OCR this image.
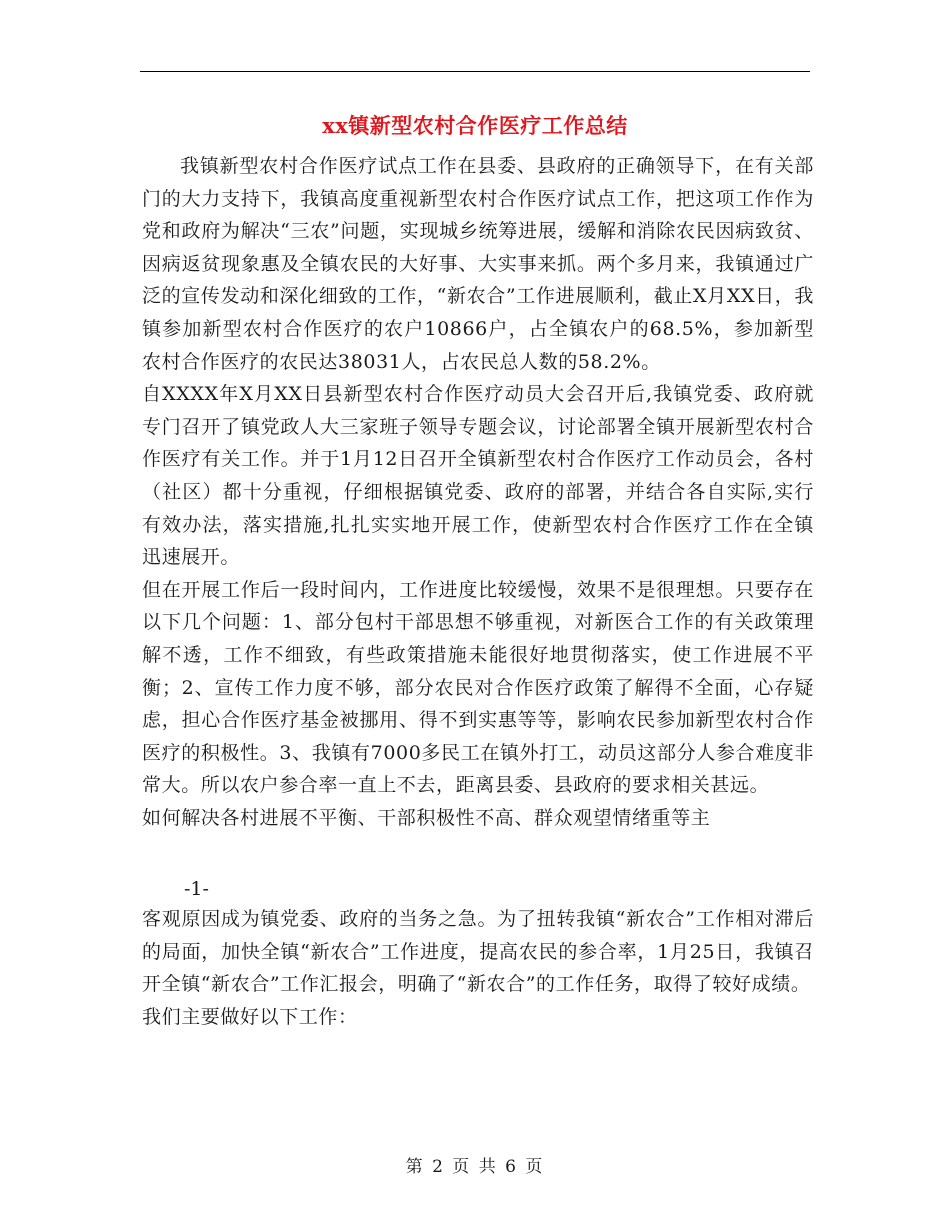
xx镇新型农村合作医疗工作总结

我镇新型农村合作医疗试点工作在县委、县政府的正确领导下，在有关部门的大力支持下，我镇高度重视新型农村合作医疗试点工作，把这项工作作为党和政府为解决“三农”问题，实现城乡统筹进展，缓解和消除农民因病致贫、因病返贫现象惠及全镇农民的大好事、大实事来抓。两个多月来，我镇通过广泛的宣传发动和深化细致的工作，“新农合”工作进展顺利，截止X月XX日，我镇参加新型农村合作医疗的农户10866户，占全镇农户的68.5%，参加新型农村合作医疗的农民达38031人，占农民总人数的58.2%。

自XXXX年X月XX日县新型农村合作医疗动员大会召开后,我镇党委、政府就专门召开了镇党政人大三家班子领导专题会议，讨论部署全镇开展新型农村合作医疗有关工作。并于1月12日召开全镇新型农村合作医疗工作动员会，各村（社区）都十分重视，仔细根据镇党委、政府的部署，并结合各自实际,实行有效办法，落实措施,扎扎实实地开展工作，使新型农村合作医疗工作在全镇迅速展开。

但在开展工作后一段时间内，工作进度比较缓慢，效果不是很理想。只要存在以下几个问题：1、部分包村干部思想不够重视，对新医合工作的有关政策理解不透，工作不细致，有些政策措施未能很好地贯彻落实，使工作进展不平衡；2、宣传工作力度不够，部分农民对合作医疗政策了解得不全面，心存疑虑，担心合作医疗基金被挪用、得不到实惠等等，影响农民参加新型农村合作医疗的积极性。3、我镇有7000多民工在镇外打工，动员这部分人参合难度非常大。所以农户参合率一直上不去，距离县委、县政府的要求相关甚远。

如何解决各村进展不平衡、干部积极性不高、群众观望情绪重等主

-1-

客观原因成为镇党委、政府的当务之急。为了扭转我镇“新农合”工作相对滞后的局面，加快全镇“新农合”工作进度，提高农民的参合率，1月25日，我镇召开全镇“新农合”工作汇报会，明确了“新农合”的工作任务，取得了较好成绩。

我们主要做好以下工作：

第 2 页 共 6 页
